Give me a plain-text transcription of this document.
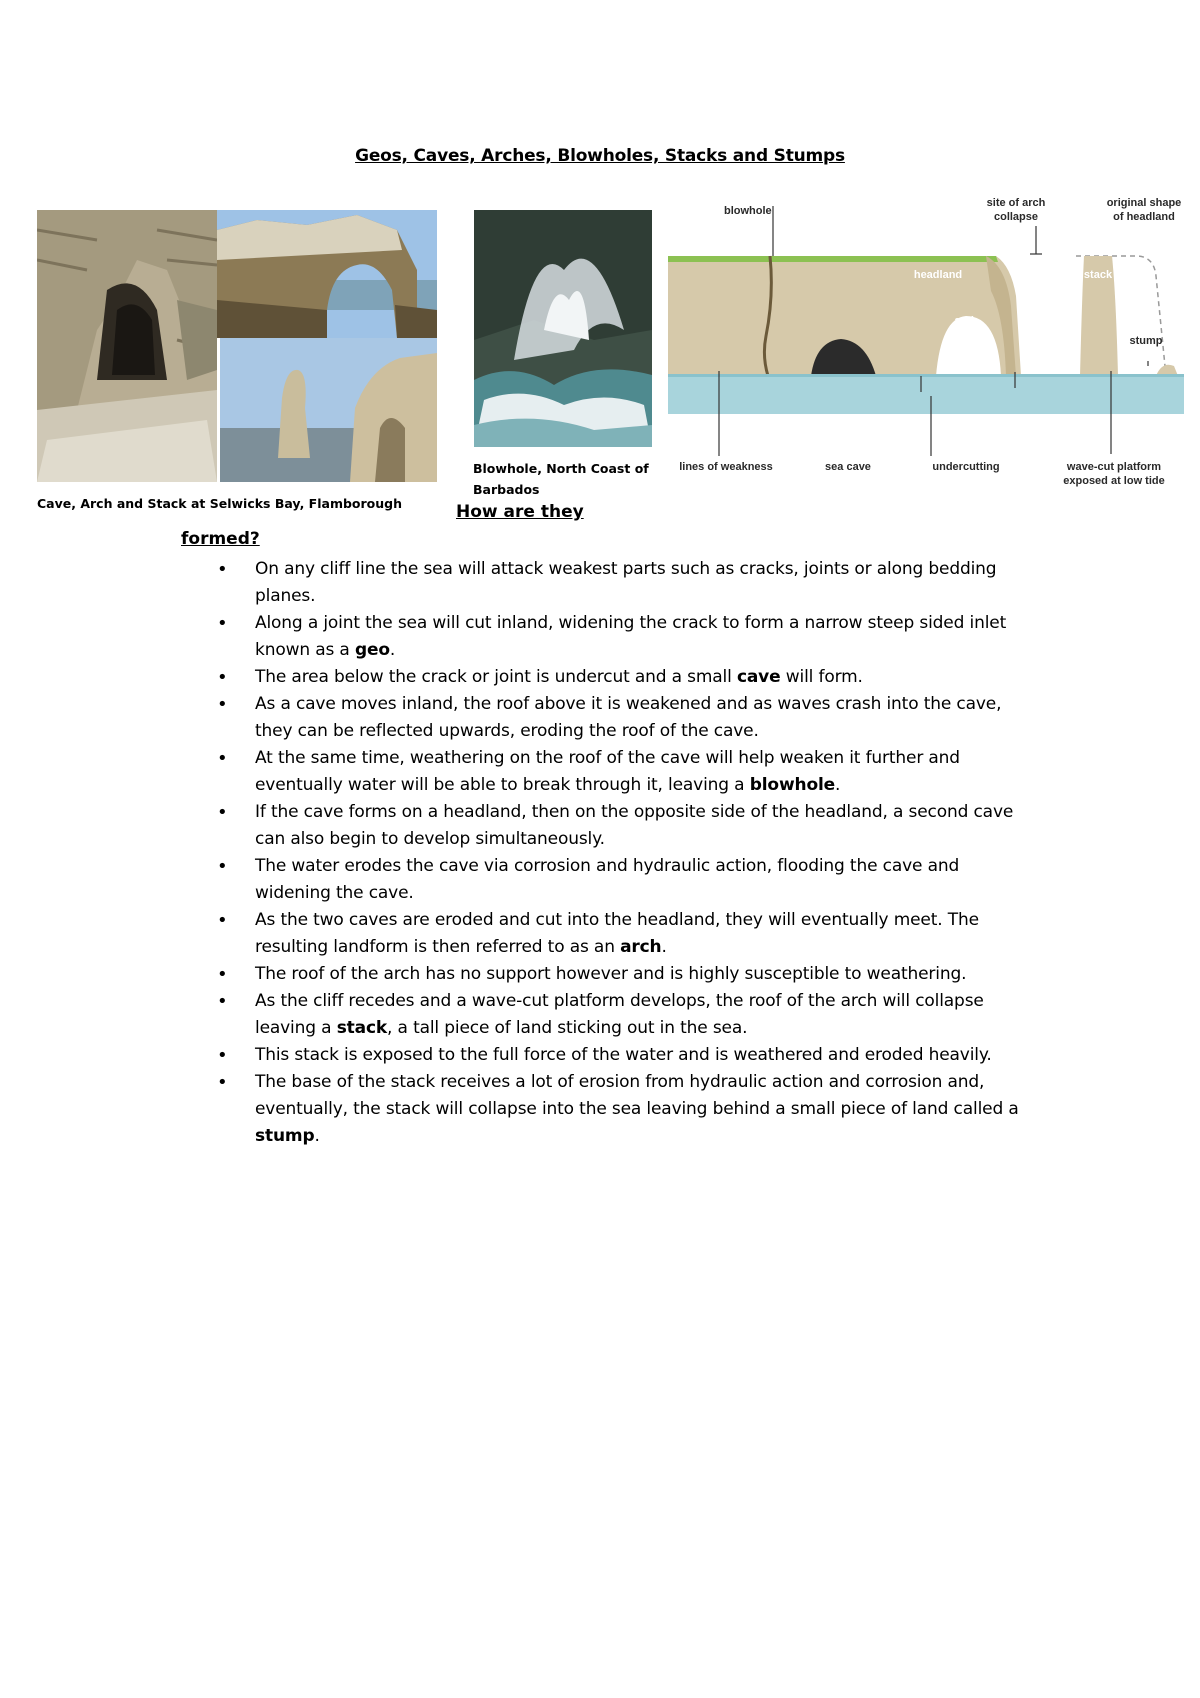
Geos, Caves, Arches, Blowholes, Stacks and Stumps
Cave, Arch and Stack at Selwicks Bay, Flamborough
Blowhole, North Coast of
Barbados
blowhole
site of arch
collapse
original shape
of headland
headland
arch
stack
stump
lines of weakness	sea cave	undercutting	wave-cut platform
exposed at low tide
How are they
formed?
• On any cliff line the sea will attack weakest parts such as cracks, joints or along bedding planes.
• Along a joint the sea will cut inland, widening the crack to form a narrow steep sided inlet known as a geo.
• The area below the crack or joint is undercut and a small cave will form.
• As a cave moves inland, the roof above it is weakened and as waves crash into the cave, they can be reflected upwards, eroding the roof of the cave.
• At the same time, weathering on the roof of the cave will help weaken it further and eventually water will be able to break through it, leaving a blowhole.
• If the cave forms on a headland, then on the opposite side of the headland, a second cave can also begin to develop simultaneously.
• The water erodes the cave via corrosion and hydraulic action, flooding the cave and widening the cave.
• As the two caves are eroded and cut into the headland, they will eventually meet. The resulting landform is then referred to as an arch.
• The roof of the arch has no support however and is highly susceptible to weathering.
• As the cliff recedes and a wave-cut platform develops, the roof of the arch will collapse leaving a stack, a tall piece of land sticking out in the sea.
• This stack is exposed to the full force of the water and is weathered and eroded heavily.
• The base of the stack receives a lot of erosion from hydraulic action and corrosion and, eventually, the stack will collapse into the sea leaving behind a small piece of land called a stump.
